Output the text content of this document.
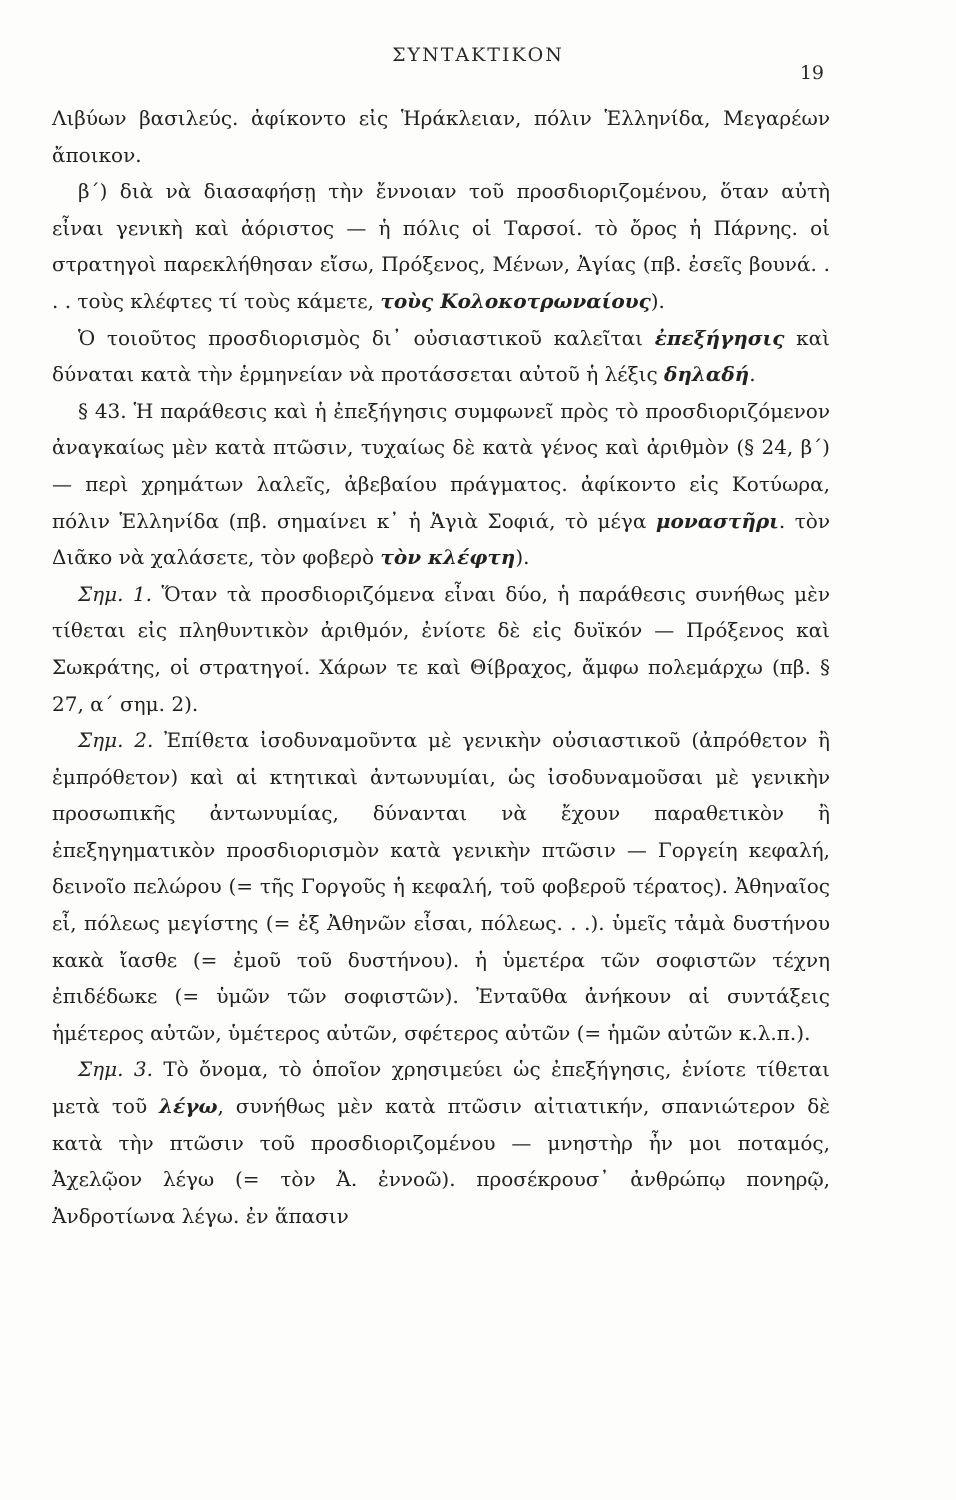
ΣΥΝΤΑΚΤΙΚΟΝ
19

Λιβύων βασιλεύς. ἀφίκοντο εἰς Ἡράκλειαν, πόλιν Ἑλληνίδα, Μεγαρέων ἄποικον.

β΄) διὰ νὰ διασαφήσῃ τὴν ἔννοιαν τοῦ προσδιοριζομένου, ὅταν αὐτὴ εἶναι γενικὴ καὶ ἀόριστος — ἡ πόλις οἱ Ταρσοί. τὸ ὄρος ἡ Πάρνης. οἱ στρατηγοὶ παρεκλήθησαν εἴσω, Πρόξενος, Μένων, Ἀγίας (πβ. ἐσεῖς βουνά. . . . τοὺς κλέφτες τί τοὺς κάμετε, τοὺς Κολοκοτρωναίους).

Ὁ τοιοῦτος προσδιορισμὸς δι᾿ οὐσιαστικοῦ καλεῖται ἐπεξήγησις καὶ δύναται κατὰ τὴν ἑρμηνείαν νὰ προτάσσεται αὐτοῦ ἡ λέξις δηλαδή.

§ 43. Ἡ παράθεσις καὶ ἡ ἐπεξήγησις συμφωνεῖ πρὸς τὸ προσδιοριζόμενον ἀναγκαίως μὲν κατὰ πτῶσιν, τυχαίως δὲ κατὰ γένος καὶ ἀριθμὸν (§ 24, β΄) — περὶ χρημάτων λαλεῖς, ἀβεβαίου πράγματος. ἀφίκοντο εἰς Κοτύωρα, πόλιν Ἑλληνίδα (πβ. σημαίνει κ᾿ ἡ Ἁγιὰ Σοφιά, τὸ μέγα μοναστῆρι. τὸν Διᾶκο νὰ χαλάσετε, τὸν φοβερὸ τὸν κλέφτη).

Σημ. 1. Ὅταν τὰ προσδιοριζόμενα εἶναι δύο, ἡ παράθεσις συνήθως μὲν τίθεται εἰς πληθυντικὸν ἀριθμόν, ἐνίοτε δὲ εἰς δυϊκόν — Πρόξενος καὶ Σωκράτης, οἱ στρατηγοί. Χάρων τε καὶ Θίβραχος, ἄμφω πολεμάρχω (πβ. § 27, α΄ σημ. 2).

Σημ. 2. Ἐπίθετα ἰσοδυναμοῦντα μὲ γενικὴν οὐσιαστικοῦ (ἀπρόθετον ἢ ἐμπρόθετον) καὶ αἱ κτητικαὶ ἀντωνυμίαι, ὡς ἰσοδυναμοῦσαι μὲ γενικὴν προσωπικῆς ἀντωνυμίας, δύνανται νὰ ἔχουν παραθετικὸν ἢ ἐπεξηγηματικὸν προσδιορισμὸν κατὰ γενικὴν πτῶσιν — Γοργείη κεφαλή, δεινοῖο πελώρου (= τῆς Γοργοῦς ἡ κεφαλή, τοῦ φοβεροῦ τέρατος). Ἀθηναῖος εἶ, πόλεως μεγίστης (= ἐξ Ἀθηνῶν εἶσαι, πόλεως. . .). ὑμεῖς τἀμὰ δυστήνου κακὰ ἴασθε (= ἐμοῦ τοῦ δυστήνου). ἡ ὑμετέρα τῶν σοφιστῶν τέχνη ἐπιδέδωκε (= ὑμῶν τῶν σοφιστῶν). Ἐνταῦθα ἀνήκουν αἱ συντάξεις ἡμέτερος αὐτῶν, ὑμέτερος αὐτῶν, σφέτερος αὐτῶν (= ἡμῶν αὐτῶν κ.λ.π.).

Σημ. 3. Τὸ ὄνομα, τὸ ὁποῖον χρησιμεύει ὡς ἐπεξήγησις, ἐνίοτε τίθεται μετὰ τοῦ λέγω, συνήθως μὲν κατὰ πτῶσιν αἰτιατικήν, σπανιώτερον δὲ κατὰ τὴν πτῶσιν τοῦ προσδιοριζομένου — μνηστὴρ ἦν μοι ποταμός, Ἀχελῷον λέγω (= τὸν Ἀ. ἐννοῶ). προσέκρουσ᾿ ἀνθρώπῳ πονηρῷ, Ἀνδροτίωνα λέγω. ἐν ἅπασιν
